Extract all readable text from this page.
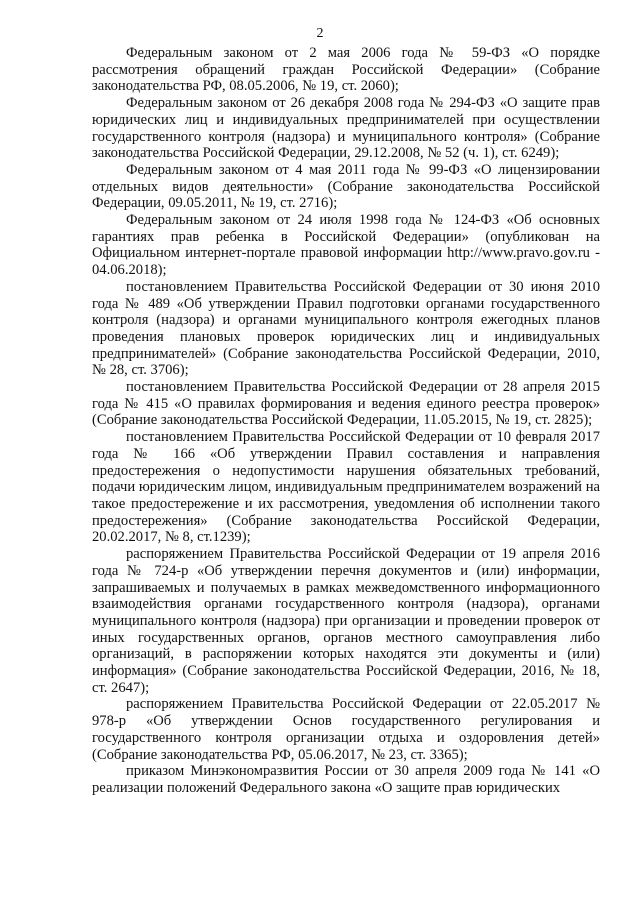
2

Федеральным законом от 2 мая 2006 года № 59-ФЗ «О порядке рассмотрения обращений граждан Российской Федерации» (Собрание законодательства РФ, 08.05.2006, № 19, ст. 2060);

Федеральным законом от 26 декабря 2008 года № 294-ФЗ «О защите прав юридических лиц и индивидуальных предпринимателей при осуществлении государственного контроля (надзора) и муниципального контроля» (Собрание законодательства Российской Федерации, 29.12.2008, № 52 (ч. 1), ст. 6249);

Федеральным законом от 4 мая 2011 года № 99-ФЗ «О лицензировании отдельных видов деятельности» (Собрание законодательства Российской Федерации, 09.05.2011, № 19, ст. 2716);

Федеральным законом от 24 июля 1998 года № 124-ФЗ «Об основных гарантиях прав ребенка в Российской Федерации» (опубликован на Официальном интернет-портале правовой информации http://www.pravo.gov.ru - 04.06.2018);

постановлением Правительства Российской Федерации от 30 июня 2010 года № 489 «Об утверждении Правил подготовки органами государственного контроля (надзора) и органами муниципального контроля ежегодных планов проведения плановых проверок юридических лиц и индивидуальных предпринимателей» (Собрание законодательства Российской Федерации, 2010, № 28, ст. 3706);

постановлением Правительства Российской Федерации от 28 апреля 2015 года № 415 «О правилах формирования и ведения единого реестра проверок» (Собрание законодательства Российской Федерации, 11.05.2015, № 19, ст. 2825);

постановлением Правительства Российской Федерации от 10 февраля 2017 года № 166 «Об утверждении Правил составления и направления предостережения о недопустимости нарушения обязательных требований, подачи юридическим лицом, индивидуальным предпринимателем возражений на такое предостережение и их рассмотрения, уведомления об исполнении такого предостережения» (Собрание законодательства Российской Федерации, 20.02.2017, № 8, ст.1239);

распоряжением Правительства Российской Федерации от 19 апреля 2016 года № 724-р «Об утверждении перечня документов и (или) информации, запрашиваемых и получаемых в рамках межведомственного информационного взаимодействия органами государственного контроля (надзора), органами муниципального контроля (надзора) при организации и проведении проверок от иных государственных органов, органов местного самоуправления либо организаций, в распоряжении которых находятся эти документы и (или) информация» (Собрание законодательства Российской Федерации, 2016, № 18, ст. 2647);

распоряжением Правительства Российской Федерации от 22.05.2017 № 978-р «Об утверждении Основ государственного регулирования и государственного контроля организации отдыха и оздоровления детей» (Собрание законодательства РФ, 05.06.2017, № 23, ст. 3365);

приказом Минэкономразвития России от 30 апреля 2009 года № 141 «О реализации положений Федерального закона «О защите прав юридических
